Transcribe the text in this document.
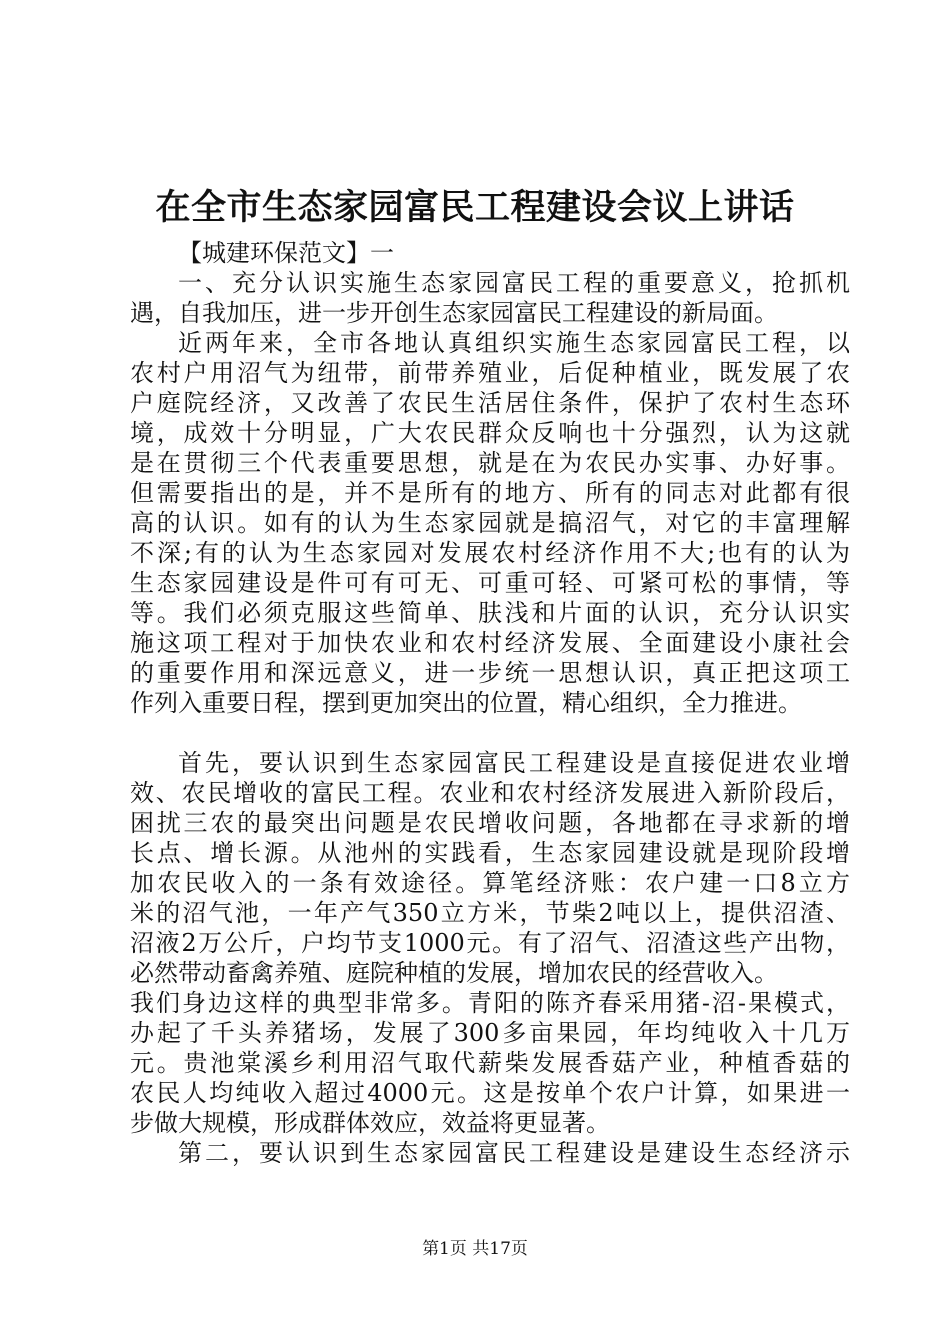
在全市生态家园富民工程建设会议上讲话
【城建环保范文】一
一、充分认识实施生态家园富民工程的重要意义，抢抓机
遇，自我加压，进一步开创生态家园富民工程建设的新局面。
近两年来，全市各地认真组织实施生态家园富民工程，以
农村户用沼气为纽带，前带养殖业，后促种植业，既发展了农
户庭院经济，又改善了农民生活居住条件，保护了农村生态环
境，成效十分明显，广大农民群众反响也十分强烈，认为这就
是在贯彻三个代表重要思想，就是在为农民办实事、办好事。
但需要指出的是，并不是所有的地方、所有的同志对此都有很
高的认识。如有的认为生态家园就是搞沼气，对它的丰富理解
不深;有的认为生态家园对发展农村经济作用不大;也有的认为
生态家园建设是件可有可无、可重可轻、可紧可松的事情，等
等。我们必须克服这些简单、肤浅和片面的认识，充分认识实
施这项工程对于加快农业和农村经济发展、全面建设小康社会
的重要作用和深远意义，进一步统一思想认识，真正把这项工
作列入重要日程，摆到更加突出的位置，精心组织，全力推进。
首先，要认识到生态家园富民工程建设是直接促进农业增
效、农民增收的富民工程。农业和农村经济发展进入新阶段后，
困扰三农的最突出问题是农民增收问题，各地都在寻求新的增
长点、增长源。从池州的实践看，生态家园建设就是现阶段增
加农民收入的一条有效途径。算笔经济账：农户建一口8立方
米的沼气池，一年产气350立方米，节柴2吨以上，提供沼渣、
沼液2万公斤，户均节支1000元。有了沼气、沼渣这些产出物，
必然带动畜禽养殖、庭院种植的发展，增加农民的经营收入。
我们身边这样的典型非常多。青阳的陈齐春采用猪-沼-果模式，
办起了千头养猪场，发展了300多亩果园，年均纯收入十几万
元。贵池棠溪乡利用沼气取代薪柴发展香菇产业，种植香菇的
农民人均纯收入超过4000元。这是按单个农户计算，如果进一
步做大规模，形成群体效应，效益将更显著。
第二，要认识到生态家园富民工程建设是建设生态经济示
第1页 共17页
